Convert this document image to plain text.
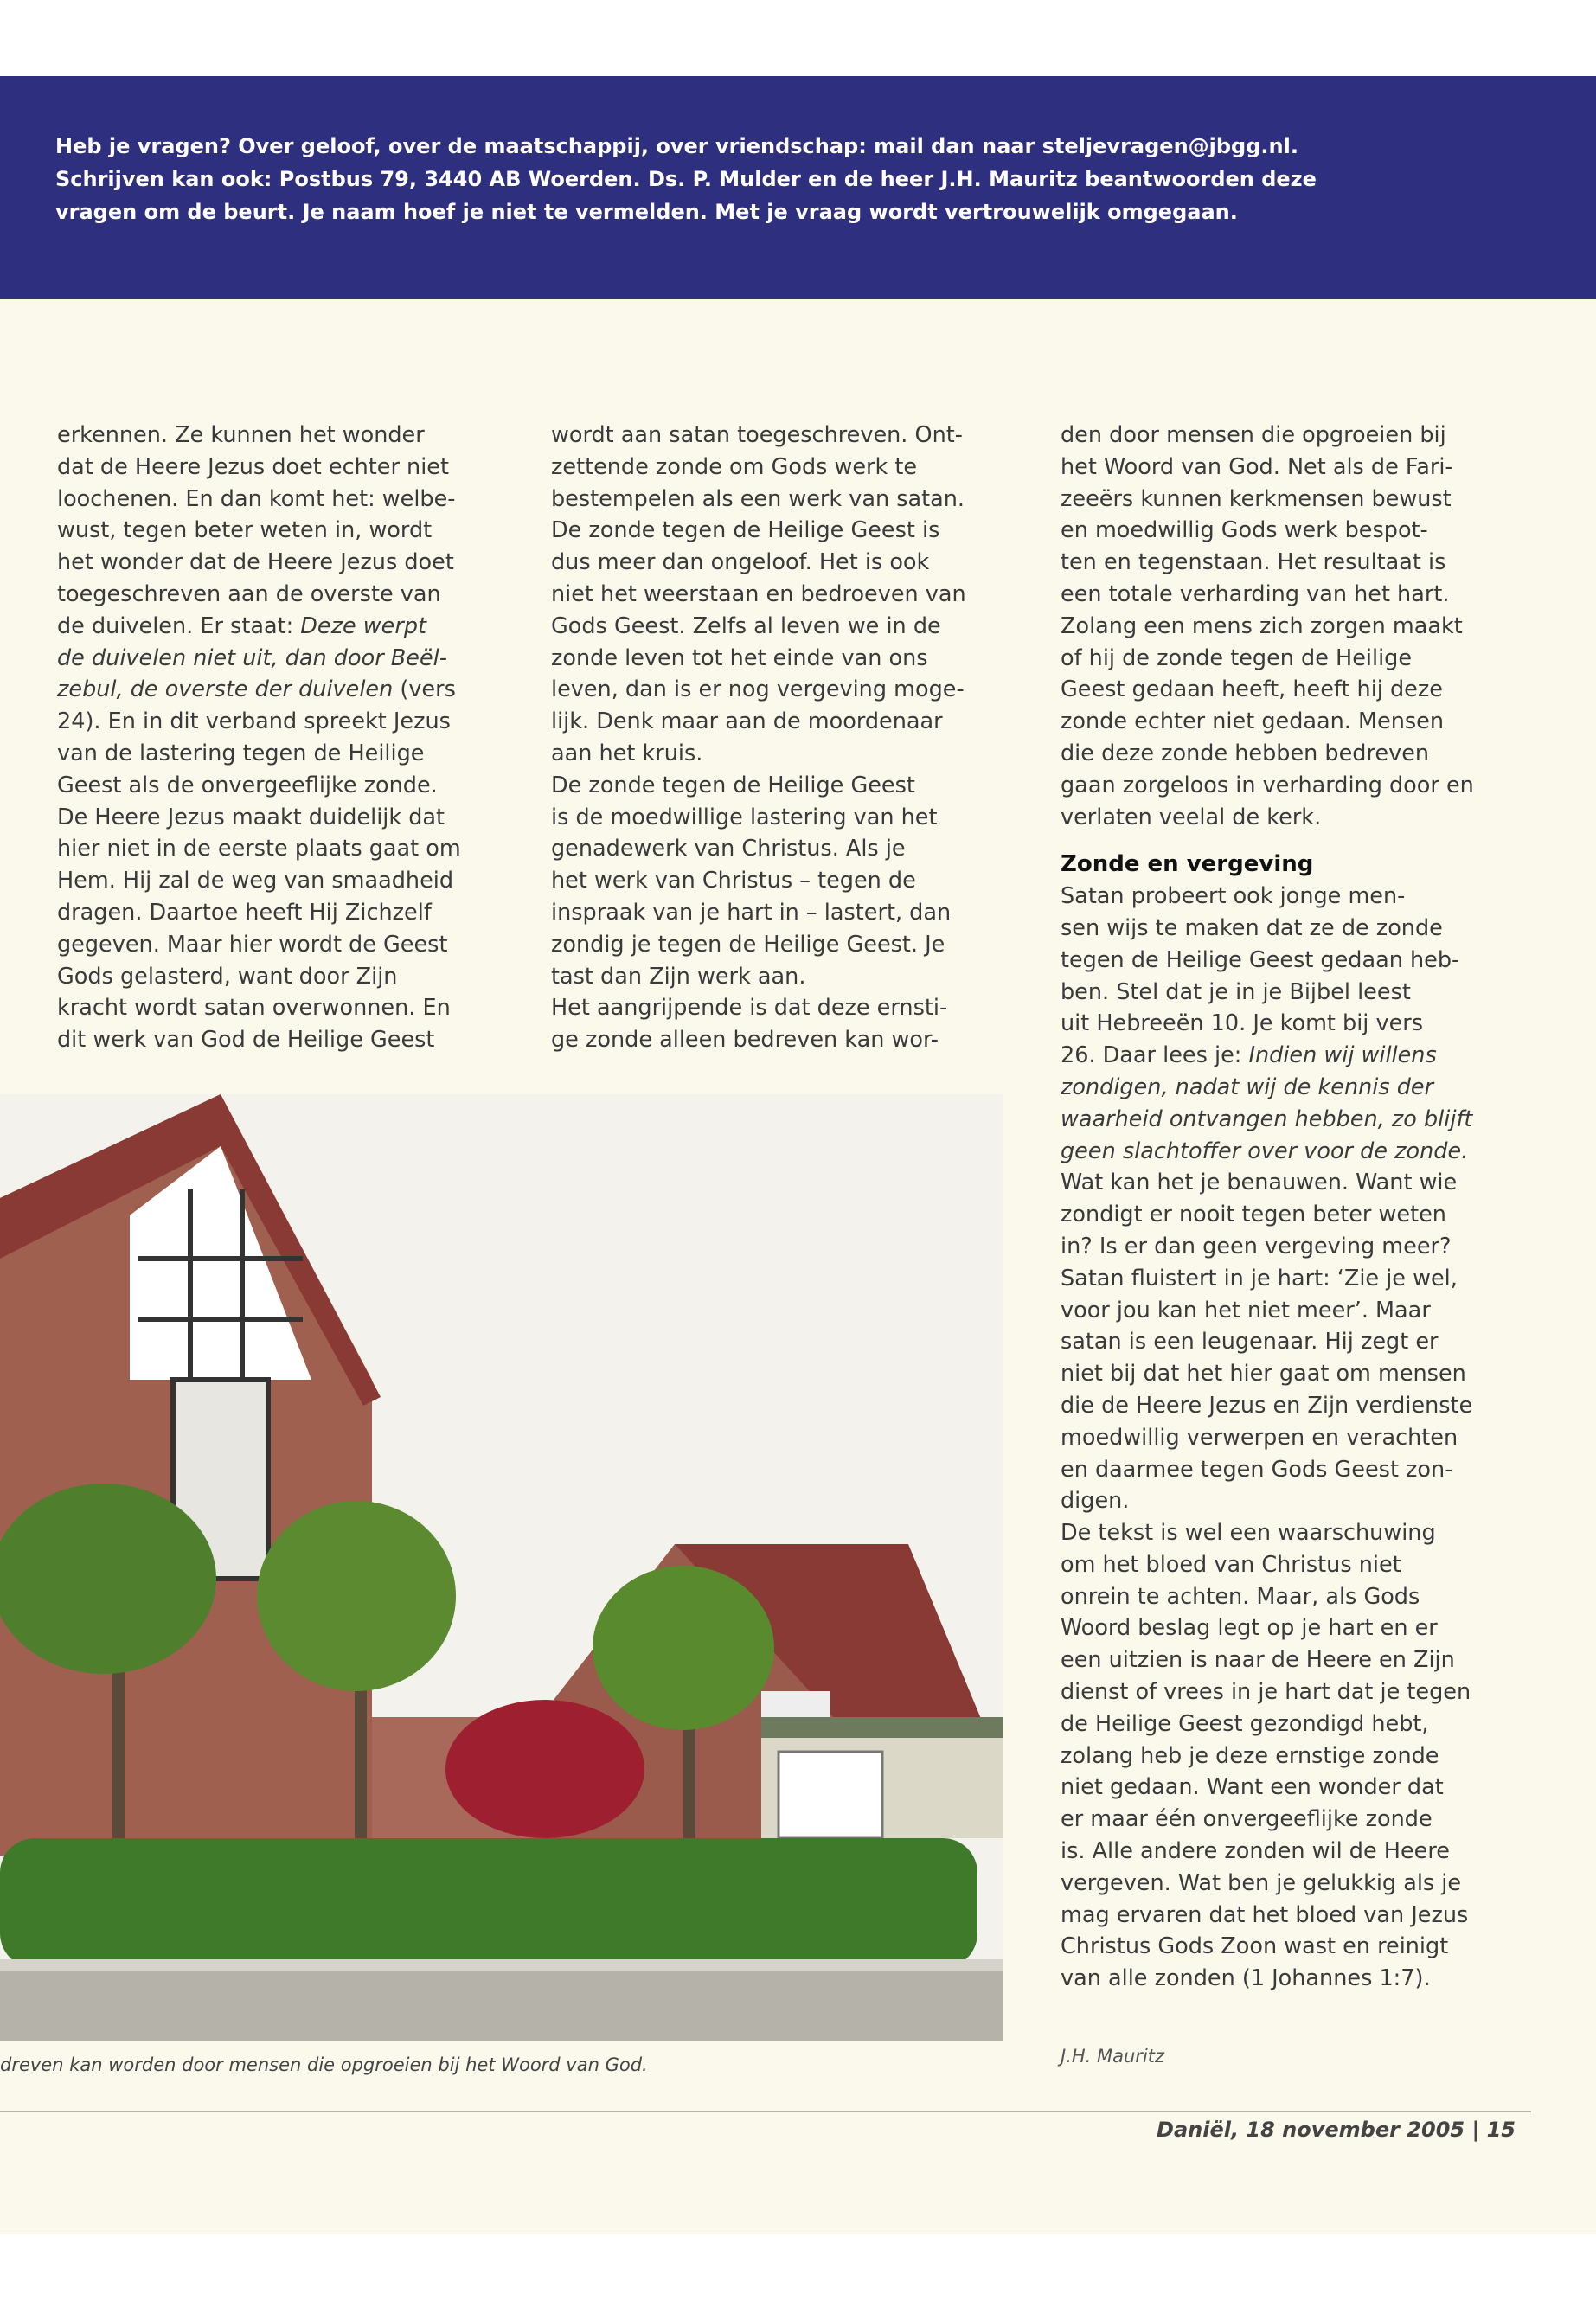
Heb je vragen? Over geloof, over de maatschappij, over vriendschap: mail dan naar steljevragen@jbgg.nl.
Schrijven kan ook: Postbus 79, 3440 AB Woerden. Ds. P. Mulder en de heer J.H. Mauritz beantwoorden deze
vragen om de beurt. Je naam hoef je niet te vermelden. Met je vraag wordt vertrouwelijk omgegaan.
erkennen. Ze kunnen het wonder
dat de Heere Jezus doet echter niet
loochenen. En dan komt het: welbe-
wust, tegen beter weten in, wordt
het wonder dat de Heere Jezus doet
toegeschreven aan de overste van
de duivelen. Er staat: Deze werpt
de duivelen niet uit, dan door Beël-
zebul, de overste der duivelen (vers
24). En in dit verband spreekt Jezus
van de lastering tegen de Heilige
Geest als de onvergeeflijke zonde.
De Heere Jezus maakt duidelijk dat
hier niet in de eerste plaats gaat om
Hem. Hij zal de weg van smaadheid
dragen. Daartoe heeft Hij Zichzelf
gegeven. Maar hier wordt de Geest
Gods gelasterd, want door Zijn
kracht wordt satan overwonnen. En
dit werk van God de Heilige Geest
wordt aan satan toegeschreven. Ont-
zettende zonde om Gods werk te
bestempelen als een werk van satan.
De zonde tegen de Heilige Geest is
dus meer dan ongeloof. Het is ook
niet het weerstaan en bedroeven van
Gods Geest. Zelfs al leven we in de
zonde leven tot het einde van ons
leven, dan is er nog vergeving moge-
lijk. Denk maar aan de moordenaar
aan het kruis.
De zonde tegen de Heilige Geest
is de moedwillige lastering van het
genadewerk van Christus. Als je
het werk van Christus – tegen de
inspraak van je hart in – lastert, dan
zondig je tegen de Heilige Geest. Je
tast dan Zijn werk aan.
Het aangrijpende is dat deze ernsti-
ge zonde alleen bedreven kan wor-
den door mensen die opgroeien bij
het Woord van God. Net als de Fari-
zeeërs kunnen kerkmensen bewust
en moedwillig Gods werk bespot-
ten en tegenstaan. Het resultaat is
een totale verharding van het hart.
Zolang een mens zich zorgen maakt
of hij de zonde tegen de Heilige
Geest gedaan heeft, heeft hij deze
zonde echter niet gedaan. Mensen
die deze zonde hebben bedreven
gaan zorgeloos in verharding door en
verlaten veelal de kerk.
Zonde en vergeving
Satan probeert ook jonge men-
sen wijs te maken dat ze de zonde
tegen de Heilige Geest gedaan heb-
ben. Stel dat je in je Bijbel leest
uit Hebreeën 10. Je komt bij vers
26. Daar lees je: Indien wij willens
zondigen, nadat wij de kennis der
waarheid ontvangen hebben, zo blijft
geen slachtoffer over voor de zonde.
Wat kan het je benauwen. Want wie
zondigt er nooit tegen beter weten
in? Is er dan geen vergeving meer?
Satan fluistert in je hart: ‘Zie je wel,
voor jou kan het niet meer’. Maar
satan is een leugenaar. Hij zegt er
niet bij dat het hier gaat om mensen
die de Heere Jezus en Zijn verdienste
moedwillig verwerpen en verachten
en daarmee tegen Gods Geest zon-
digen.
De tekst is wel een waarschuwing
om het bloed van Christus niet
onrein te achten. Maar, als Gods
Woord beslag legt op je hart en er
een uitzien is naar de Heere en Zijn
dienst of vrees in je hart dat je tegen
de Heilige Geest gezondigd hebt,
zolang heb je deze ernstige zonde
niet gedaan. Want een wonder dat
er maar één onvergeeflijke zonde
is. Alle andere zonden wil de Heere
vergeven. Wat ben je gelukkig als je
mag ervaren dat het bloed van Jezus
Christus Gods Zoon wast en reinigt
van alle zonden (1 Johannes 1:7).
dreven kan worden door mensen die opgroeien bij het Woord van God.	J.H. Mauritz
Daniël, 18 november 2005 | 15
